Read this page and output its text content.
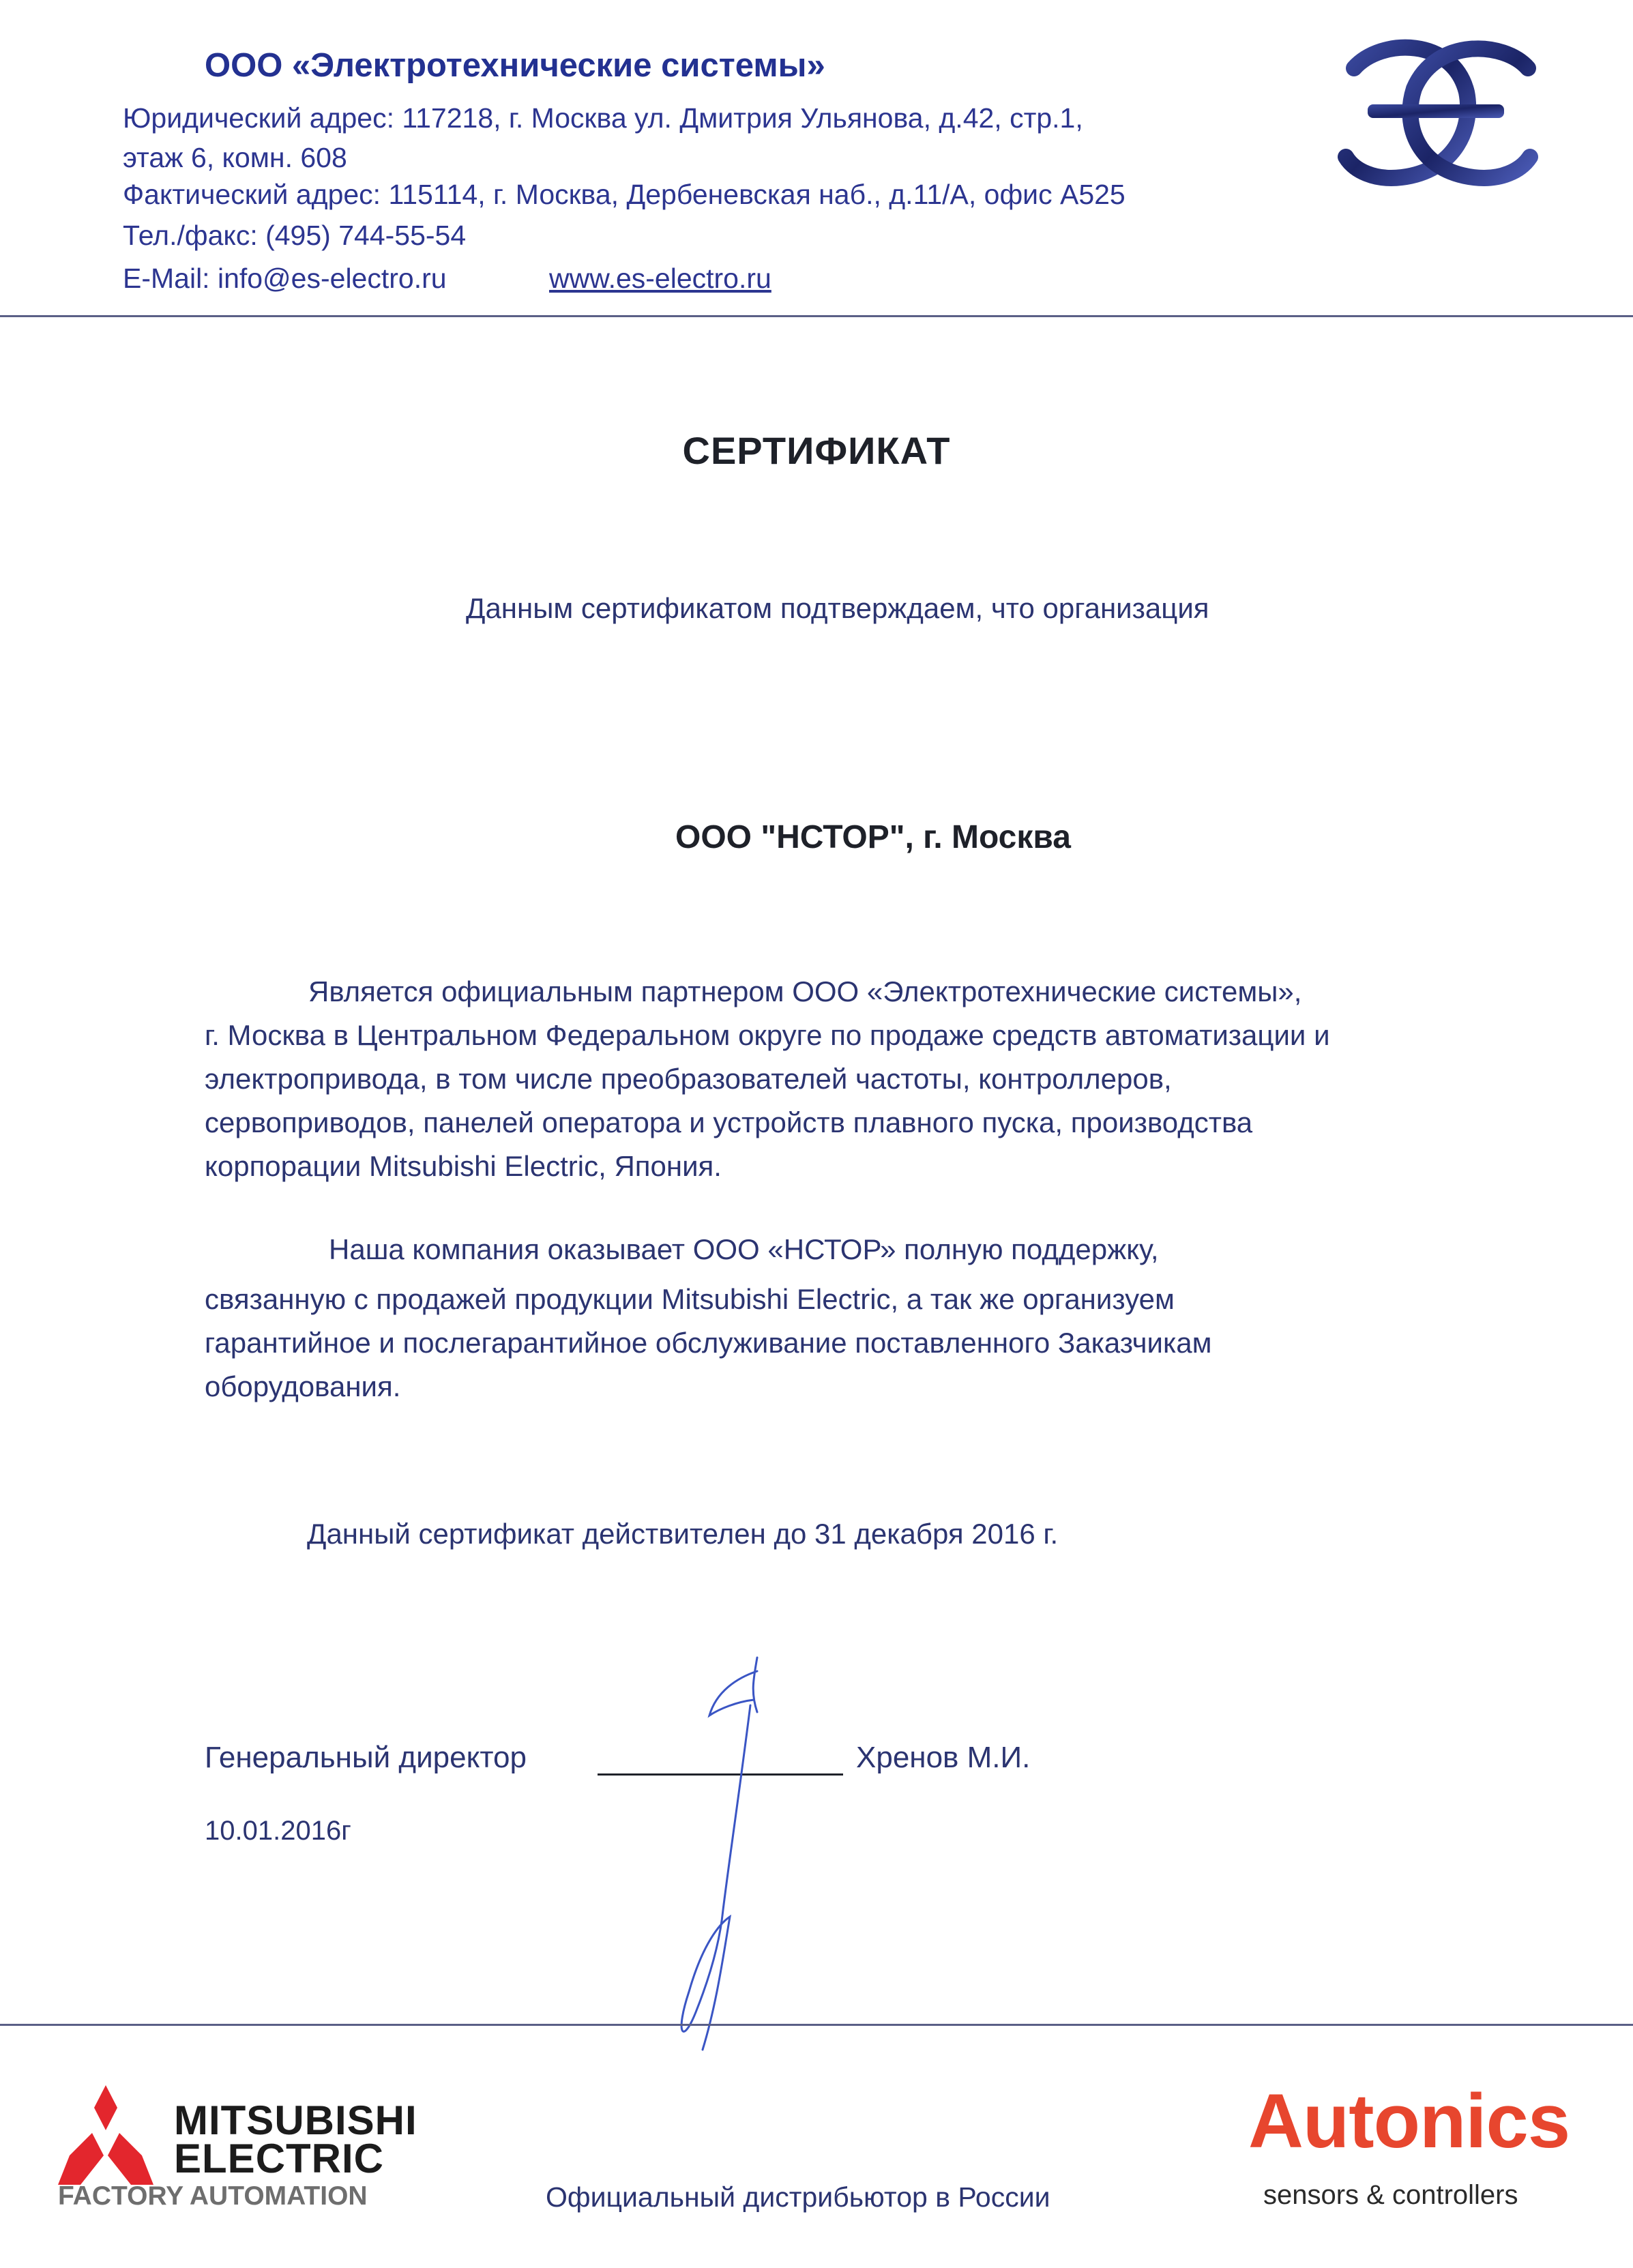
ООО «Электротехнические системы»
Юридический адрес: 117218, г. Москва ул. Дмитрия Ульянова, д.42, стр.1,
этаж 6, комн. 608
Фактический адрес: 115114, г. Москва, Дербеневская наб., д.11/А, офис А525
Тел./факс: (495) 744-55-54
E-Mail: info@es-electro.ru	www.es-electro.ru
СЕРТИФИКАТ
Данным сертификатом подтверждаем, что организация
ООО "НСТОР", г. Москва
Является официальным партнером ООО «Электротехнические системы»,
г. Москва в Центральном Федеральном округе по продаже средств автоматизации и
электропривода, в том числе преобразователей частоты, контроллеров,
сервоприводов, панелей оператора и устройств плавного пуска, производства
корпорации Mitsubishi Electric, Япония.
Наша компания оказывает ООО «НСТОР» полную поддержку,
связанную с продажей продукции Mitsubishi Electric, а так же организуем
гарантийное и послегарантийное обслуживание поставленного Заказчикам
оборудования.
Данный сертификат действителен до 31 декабря 2016 г.
Генеральный директор	Хренов М.И.
10.01.2016г
MITSUBISHI
ELECTRIC
FACTORY AUTOMATION	Официальный дистрибьютор в России
Autonics
sensors & controllers
